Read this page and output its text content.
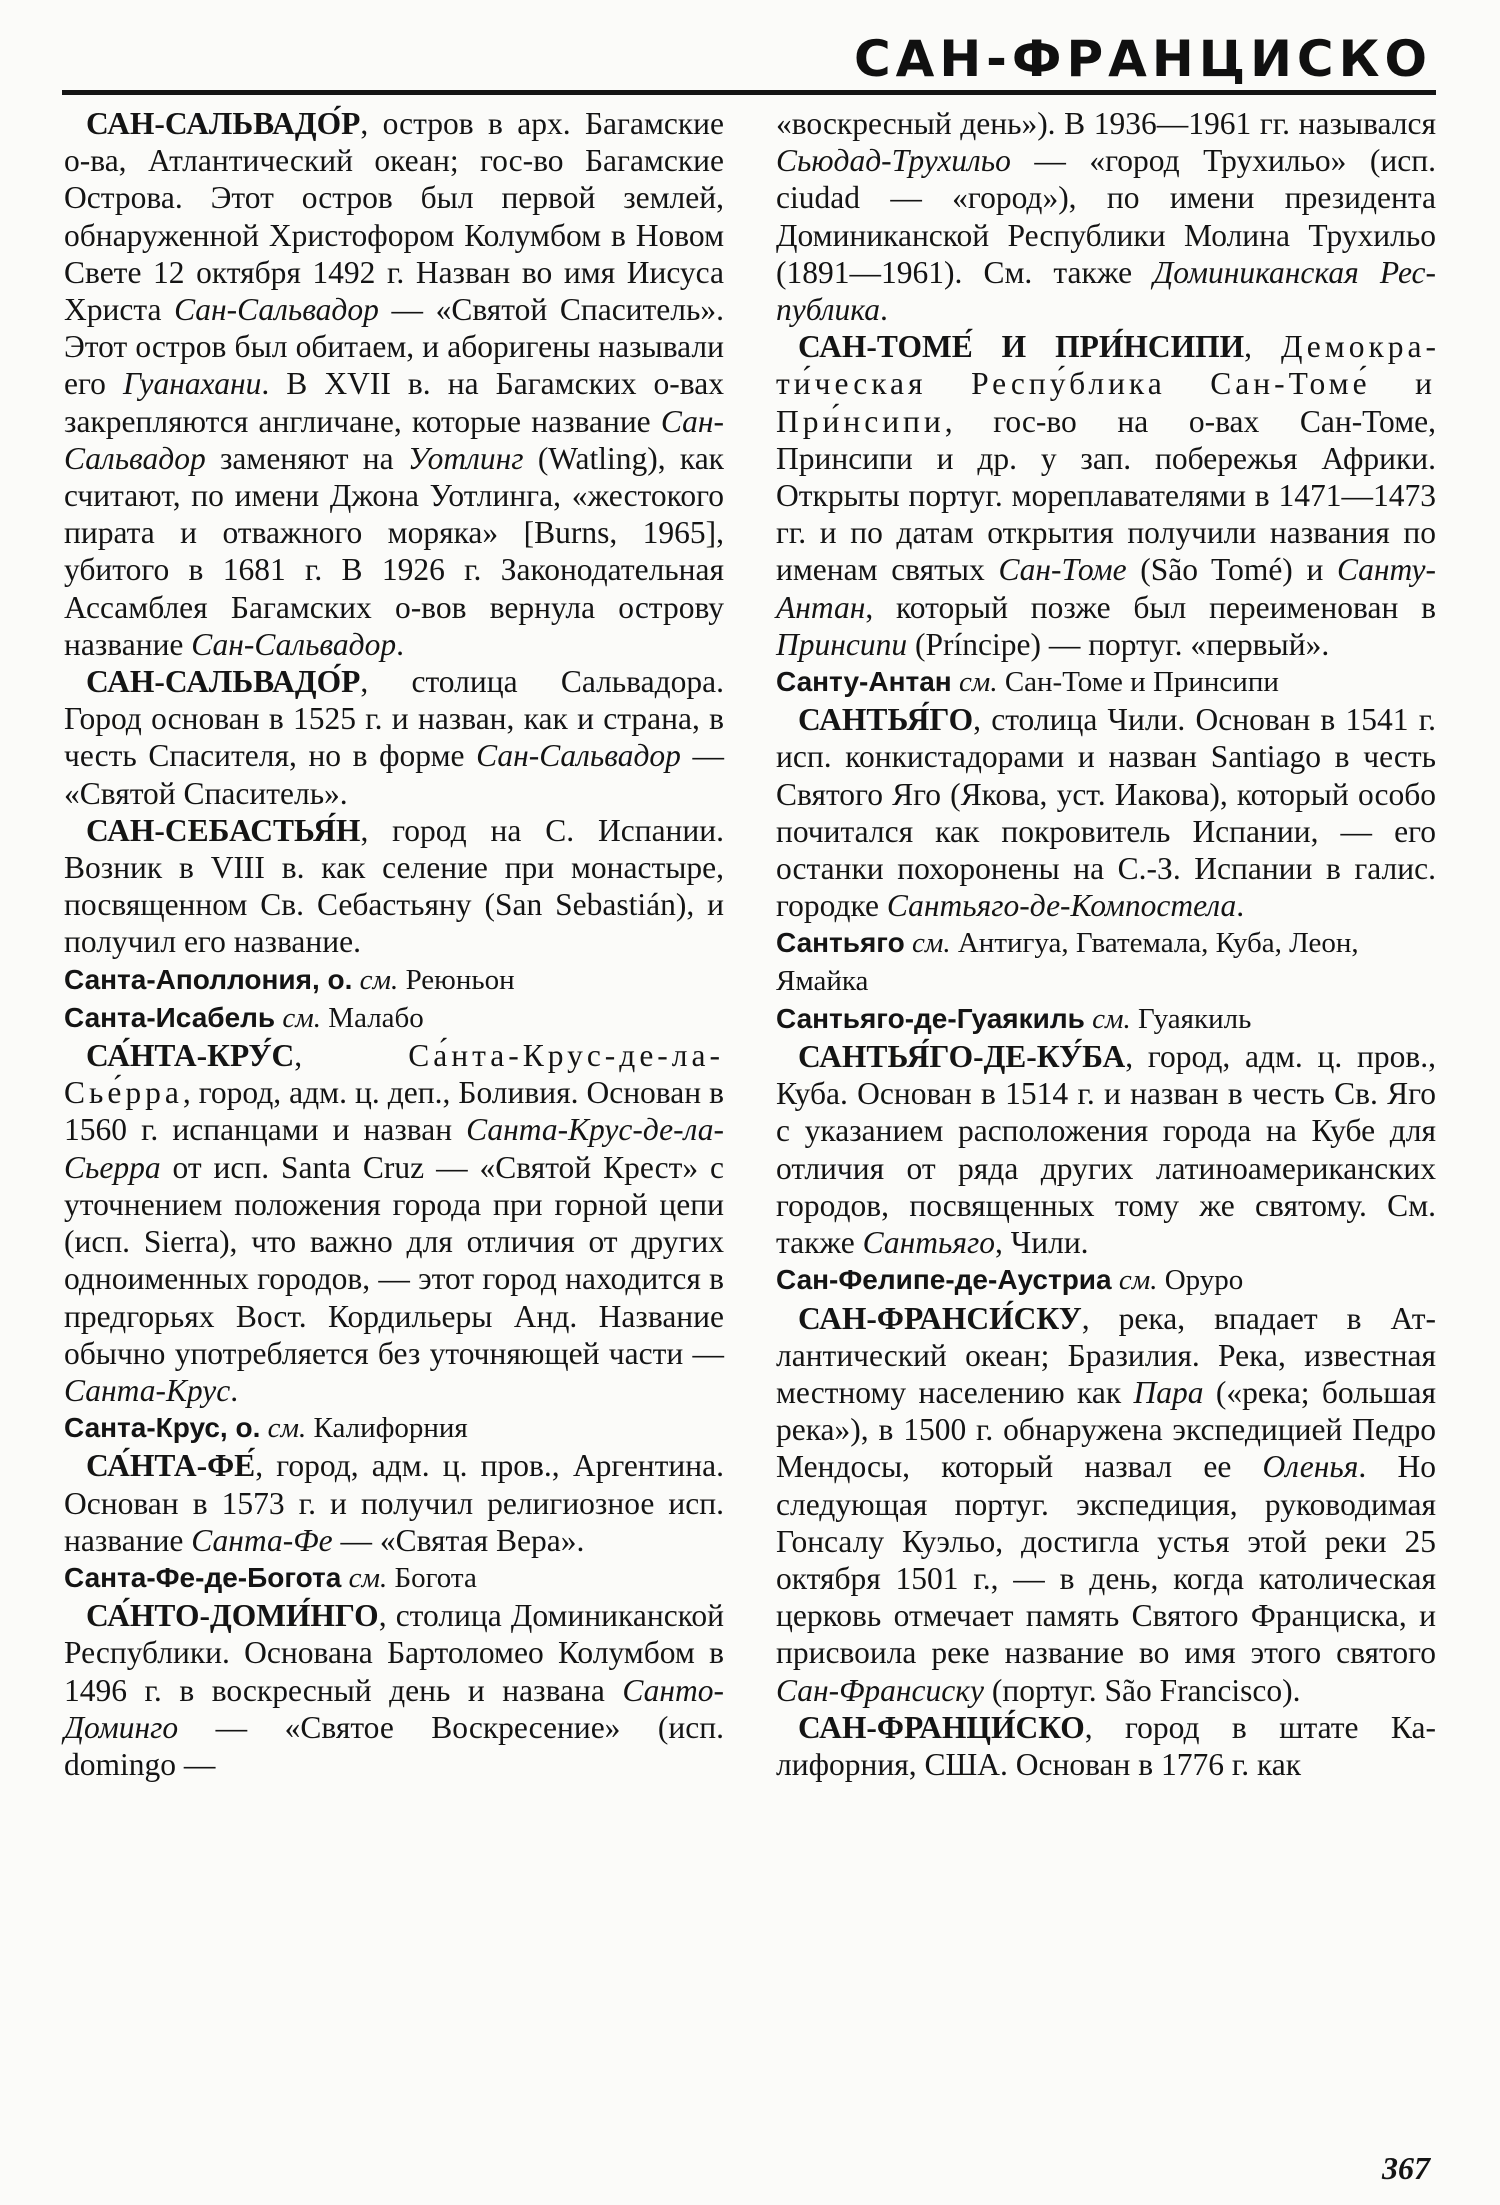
САН-ФРАНЦИСКО

САН-САЛЬВАДО́Р, остров в арх. Багамские о-ва, Атлантический океан; гос-во Багамские Острова. Этот остров был первой землей, обнаруженной Христофором Колумбом в Новом Свете 12 октября 1492 г. Назван во имя Иисуса Христа Сан-Сальвадор — «Святой Спаситель». Этот остров был обитаем, и аборигены называли его Гуанахани. В XVII в. на Багамских о-вах закрепляются англичане, которые название Сан-Сальвадор заменяют на Уотлинг (Watling), как считают, по имени Джона Уотлинга, «жестокого пирата и отважного моряка» [Burns, 1965], убитого в 1681 г. В 1926 г. Законодательная Ассамблея Багамских о-вов вернула острову название Сан-Сальвадор.

САН-САЛЬВАДО́Р, столица Сальвадора. Город основан в 1525 г. и назван, как и страна, в честь Спасителя, но в форме Сан-Сальвадор — «Святой Спаситель».

САН-СЕБАСТЬЯ́Н, город на С. Испании. Возник в VIII в. как селение при монастыре, посвященном Св. Себастьяну (San Sebastián), и получил его название.

Санта-Аполлония, о. см. Реюньон

Санта-Исабель см. Малабо

СА́НТА-КРУ́С, Са́нта-Крус-де-ла-Сье́рра, город, адм. ц. деп., Боливия. Основан в 1560 г. испанцами и назван Санта-Крус-де-ла-Сьерра от исп. Santa Cruz — «Святой Крест» с уточнением положения города при горной цепи (исп. Sierra), что важно для отличия от других одноименных городов, — этот город находится в предгорьях Вост. Кордильеры Анд. Название обычно употребляется без уточняющей части — Санта-Крус.

Санта-Крус, о. см. Калифорния

СА́НТА-ФЕ́, город, адм. ц. пров., Аргентина. Основан в 1573 г. и получил религиозное исп. название Санта-Фе — «Святая Вера».

Санта-Фе-де-Богота см. Богота

СА́НТО-ДОМИ́НГО, столица Доминиканской Республики. Основана Бартоломео Колумбом в 1496 г. в воскресный день и названа Санто-Доминго — «Святое Воскресение» (исп. domingo —

«воскресный день»). В 1936—1961 гг. назывался Сьюдад-Трухильо — «город Трухильо» (исп. ciudad — «город»), по имени президента Доминиканской Республики Молина Трухильо (1891—1961). См. также Доминиканская Республика.

САН-ТОМЕ́ И ПРИ́НСИПИ, Демократи́ческая Респу́блика Сан-Томе́ и При́нсипи, гос-во на о-вах Сан-Томе, Принсипи и др. у зап. побережья Африки. Открыты португ. мореплавателями в 1471—1473 гг. и по датам открытия получили названия по именам святых Сан-Томе (São Tomé) и Санту-Антан, который позже был переименован в Принсипи (Príncipe) — португ. «первый».

Санту-Антан см. Сан-Томе и Принсипи

САНТЬЯ́ГО, столица Чили. Основан в 1541 г. исп. конкистадорами и назван Santiago в честь Святого Яго (Якова, уст. Иакова), который особо почитался как покровитель Испании, — его останки похоронены на С.-З. Испании в галис. городке Сантьяго-де-Компостела.

Сантьяго см. Антигуа, Гватемала, Куба, Леон, Ямайка

Сантьяго-де-Гуаякиль см. Гуаякиль

САНТЬЯ́ГО-ДЕ-КУ́БА, город, адм. ц. пров., Куба. Основан в 1514 г. и назван в честь Св. Яго с указанием расположения города на Кубе для отличия от ряда других латиноамериканских городов, посвященных тому же святому. См. также Сантьяго, Чили.

Сан-Фелипе-де-Аустриа см. Оруро

САН-ФРАНСИ́СКУ, река, впадает в Атлантический океан; Бразилия. Река, известная местному населению как Пара («река; большая река»), в 1500 г. обнаружена экспедицией Педро Мендосы, который назвал ее Оленья. Но следующая португ. экспедиция, руководимая Гонсалу Куэльо, достигла устья этой реки 25 октября 1501 г., — в день, когда католическая церковь отмечает память Святого Франциска, и присвоила реке название во имя этого святого Сан-Франсиску (португ. São Francisco).

САН-ФРАНЦИ́СКО, город в штате Калифорния, США. Основан в 1776 г. как

367
